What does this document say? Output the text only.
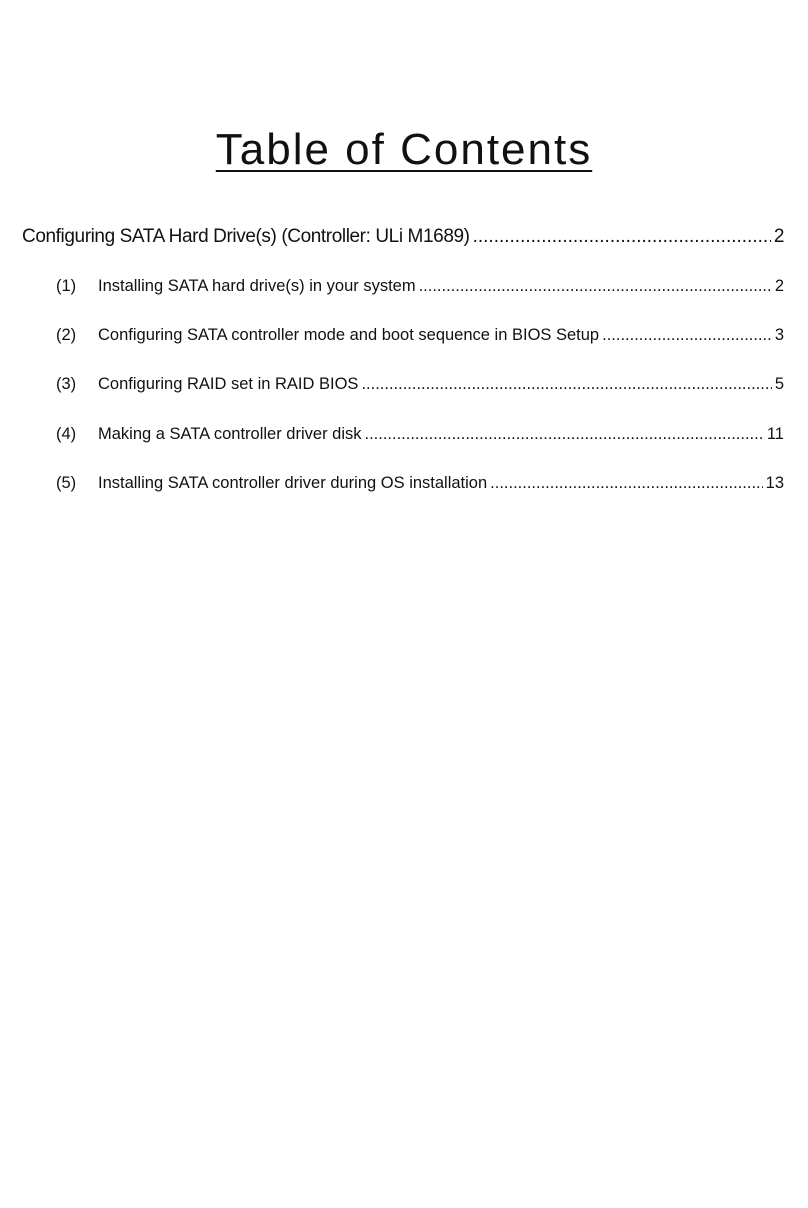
Table of Contents
Configuring SATA Hard Drive(s) (Controller: ULi M1689) .....	2
(1)	Installing SATA hard drive(s) in your system .....	2
(2)	Configuring SATA controller mode and boot sequence in BIOS Setup .....	3
(3)	Configuring RAID set in RAID BIOS .....	5
(4)	Making a SATA controller driver disk .....	11
(5)	Installing SATA controller driver during OS installation .....	13
